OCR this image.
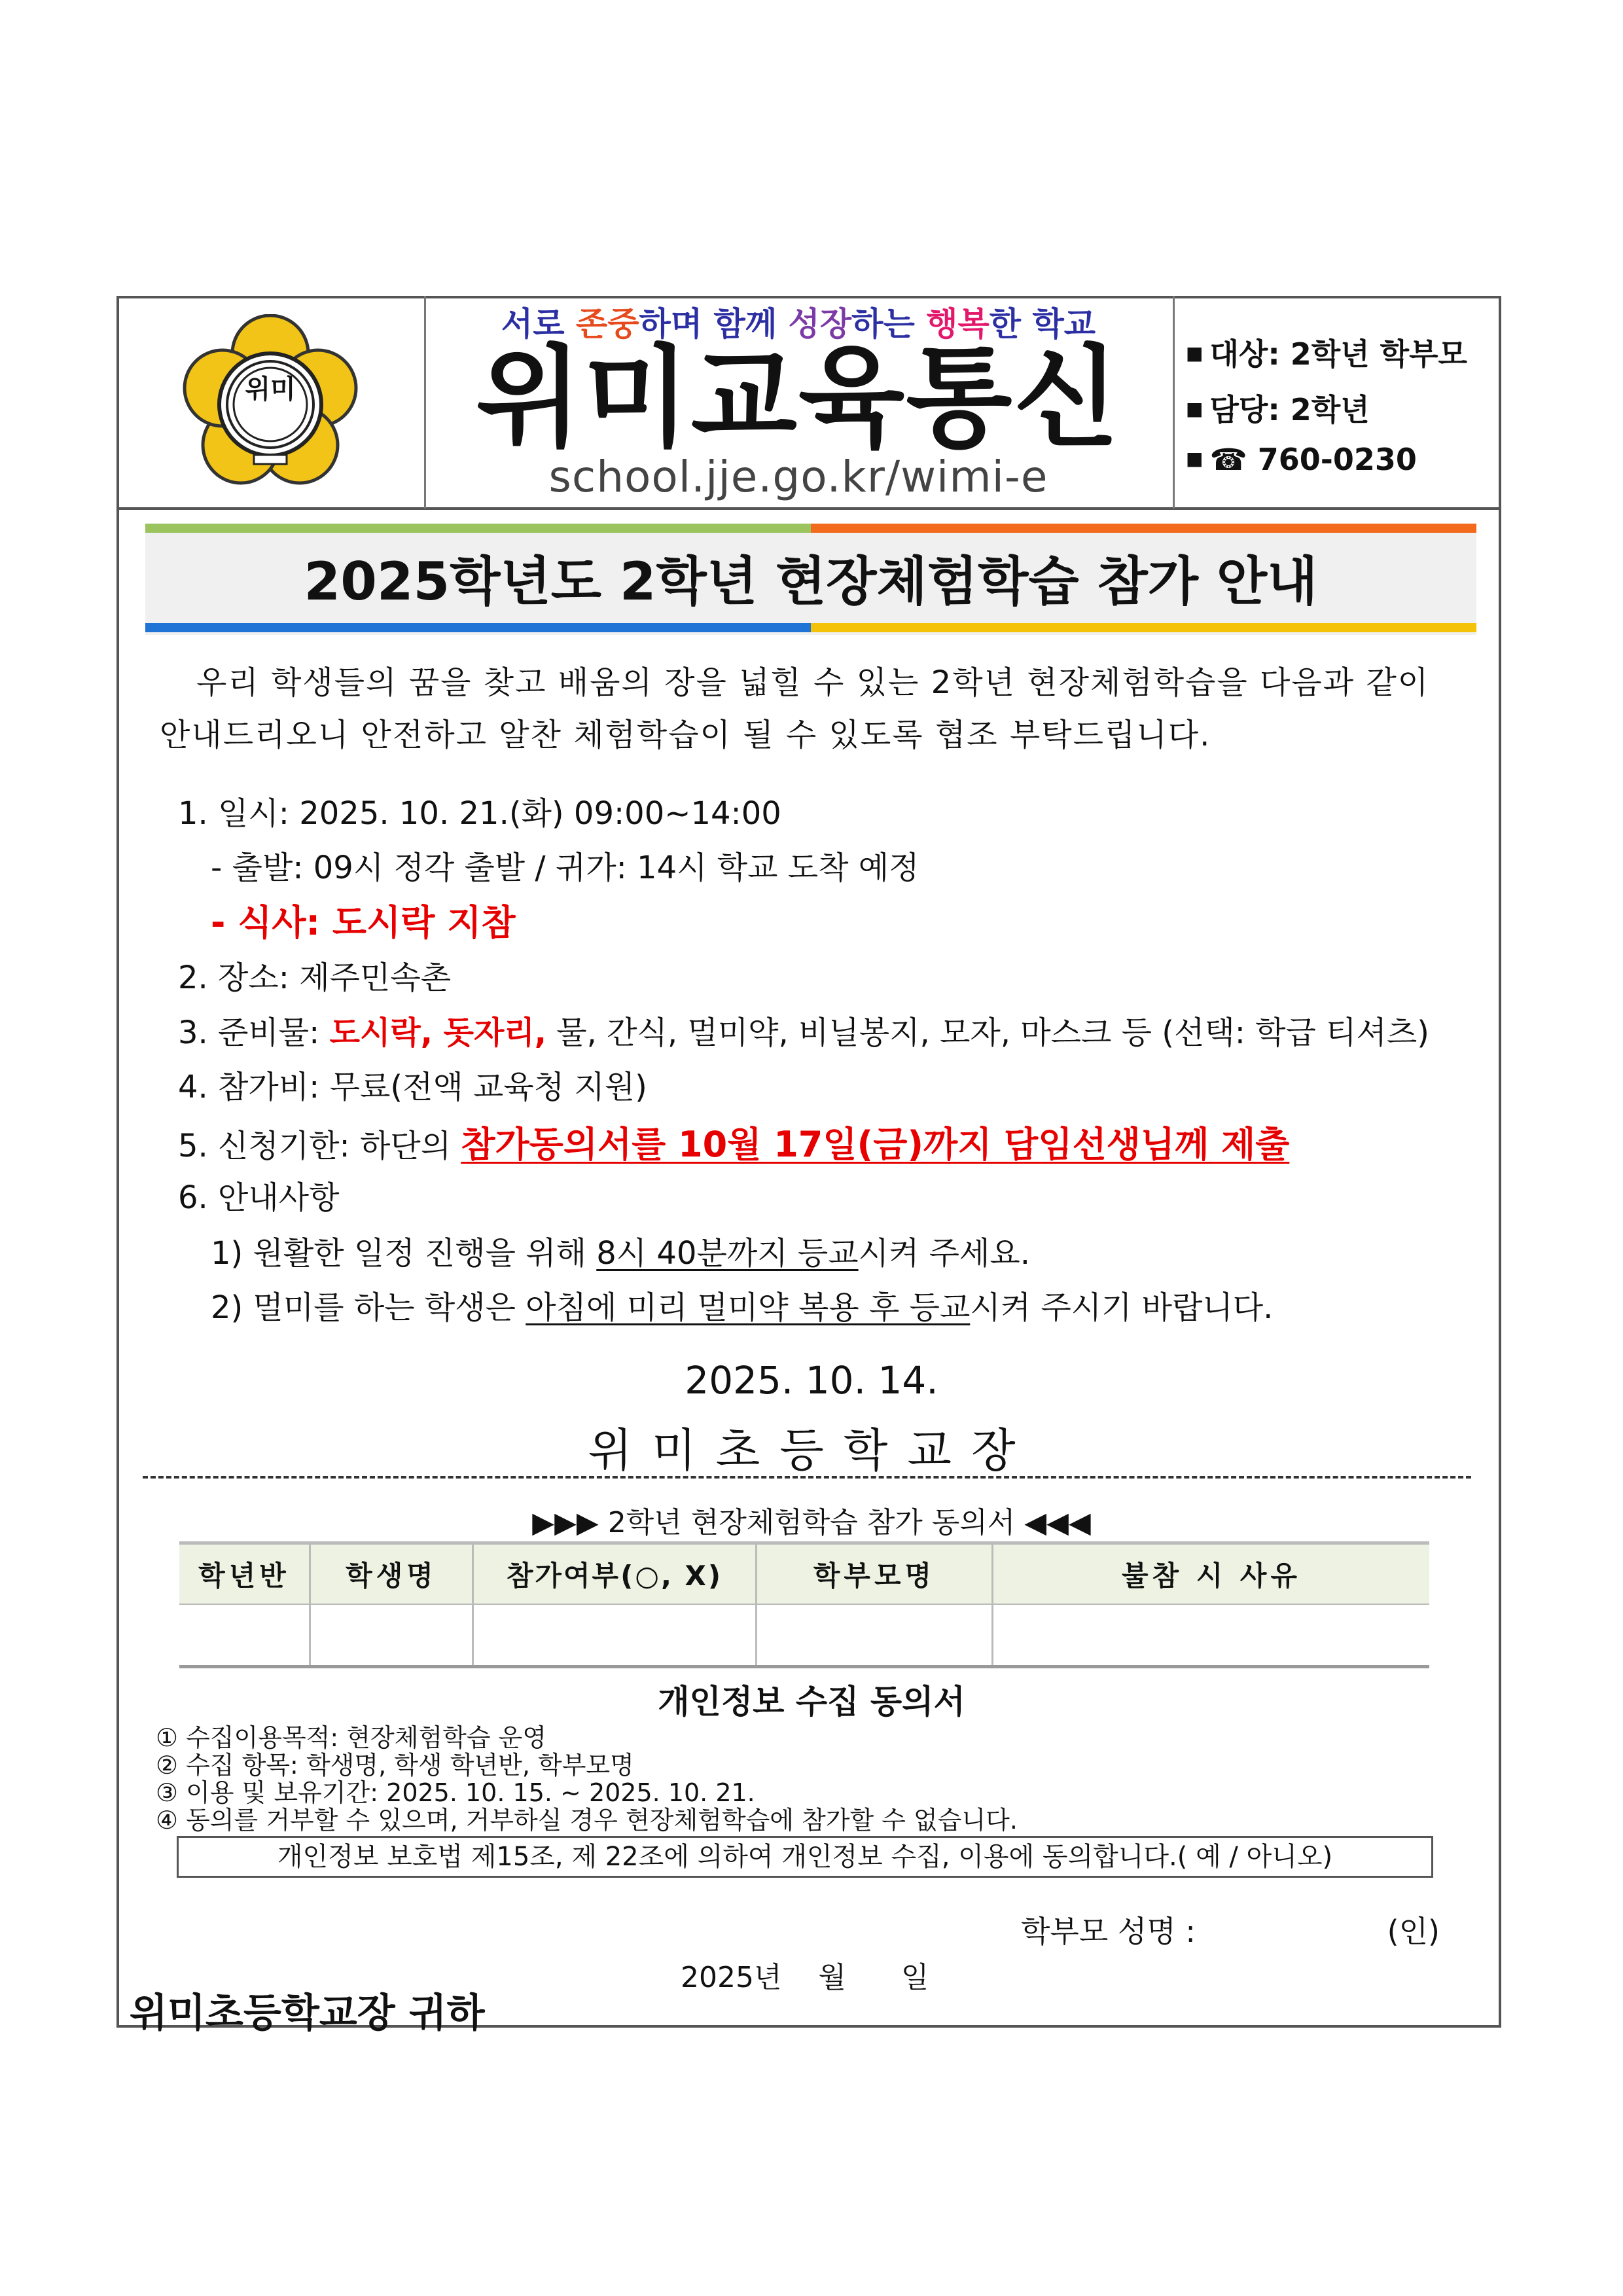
위미
서로 존중하며 함께 성장하는 행복한 학교
위미교육통신
school.jje.go.kr/wimi-e
■ 대상: 2학년 학부모
■ 담당: 2학년
■ ☎ 760-0230
2025학년도 2학년 현장체험학습 참가 안내
우리 학생들의 꿈을 찾고 배움의 장을 넓힐 수 있는 2학년 현장체험학습을 다음과 같이
안내드리오니 안전하고 알찬 체험학습이 될 수 있도록 협조 부탁드립니다.
1. 일시: 2025. 10. 21.(화) 09:00~14:00
- 출발: 09시 정각 출발 / 귀가: 14시 학교 도착 예정
- 식사: 도시락 지참
2. 장소: 제주민속촌
3. 준비물: 도시락, 돗자리, 물, 간식, 멀미약, 비닐봉지, 모자, 마스크 등 (선택: 학급 티셔츠)
4. 참가비: 무료(전액 교육청 지원)
5. 신청기한: 하단의 참가동의서를 10월 17일(금)까지 담임선생님께 제출
6. 안내사항
1) 원활한 일정 진행을 위해 8시 40분까지 등교시켜 주세요.
2) 멀미를 하는 학생은 아침에 미리 멀미약 복용 후 등교시켜 주시기 바랍니다.
2025. 10. 14.
위미초등학교장
▶▶▶ 2학년 현장체험학습 참가 동의서 ◀◀◀
학년반	학생명	참가여부(○, X)	학부모명	불참 시 사유

개인정보 수집 동의서
① 수집이용목적: 현장체험학습 운영
② 수집 항목: 학생명, 학생 학년반, 학부모명
③ 이용 및 보유기간: 2025. 10. 15. ~ 2025. 10. 21.
④ 동의를 거부할 수 있으며, 거부하실 경우 현장체험학습에 참가할 수 없습니다.
개인정보 보호법 제15조, 제 22조에 의하여 개인정보 수집, 이용에 동의합니다.( 예 / 아니오)
학부모 성명 :	(인)
2025년    월      일
위미초등학교장 귀하
